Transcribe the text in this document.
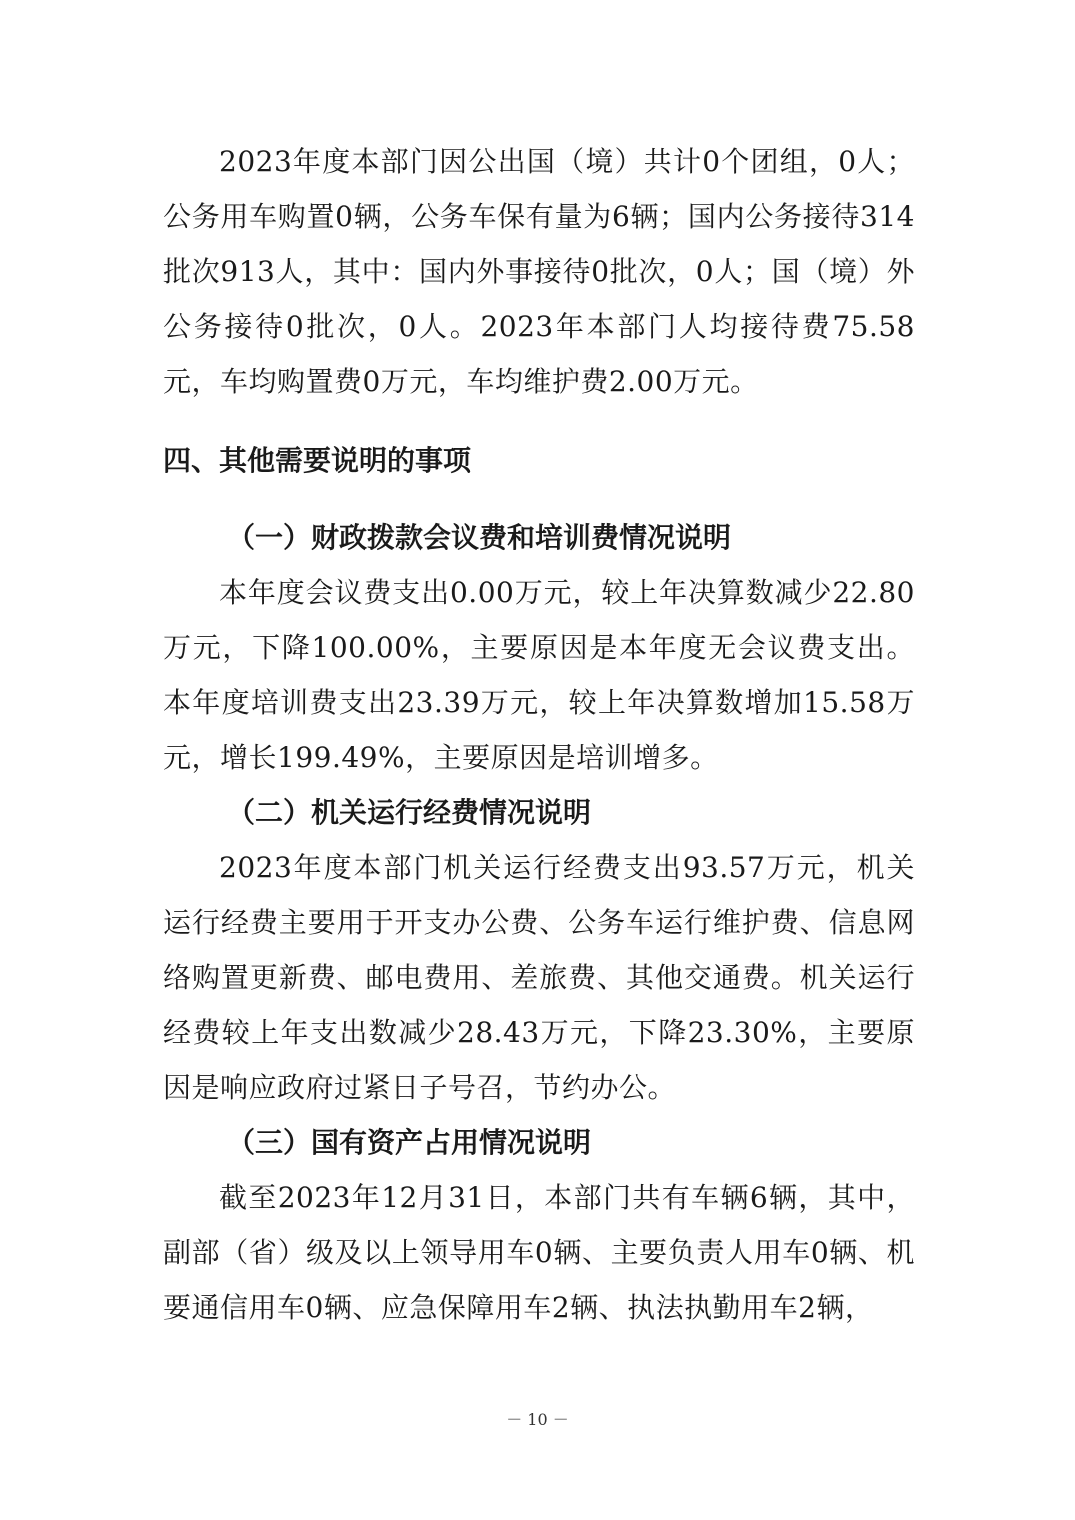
2023年度本部门因公出国（境）共计0个团组，0人；公务用车购置0辆，公务车保有量为6辆；国内公务接待314批次913人，其中：国内外事接待0批次，0人；国（境）外公务接待0批次，0人。2023年本部门人均接待费75.58元，车均购置费0万元，车均维护费2.00万元。

四、其他需要说明的事项
（一）财政拨款会议费和培训费情况说明

本年度会议费支出0.00万元，较上年决算数减少22.80万元，下降100.00%，主要原因是本年度无会议费支出。本年度培训费支出23.39万元，较上年决算数增加15.58万元，增长199.49%，主要原因是培训增多。

（二）机关运行经费情况说明

2023年度本部门机关运行经费支出93.57万元，机关运行经费主要用于开支办公费、公务车运行维护费、信息网络购置更新费、邮电费用、差旅费、其他交通费。机关运行经费较上年支出数减少28.43万元，下降23.30%，主要原因是响应政府过紧日子号召，节约办公。

（三）国有资产占用情况说明

截至2023年12月31日，本部门共有车辆6辆，其中，副部（省）级及以上领导用车0辆、主要负责人用车0辆、机要通信用车0辆、应急保障用车2辆、执法执勤用车2辆，

－ 10 －
